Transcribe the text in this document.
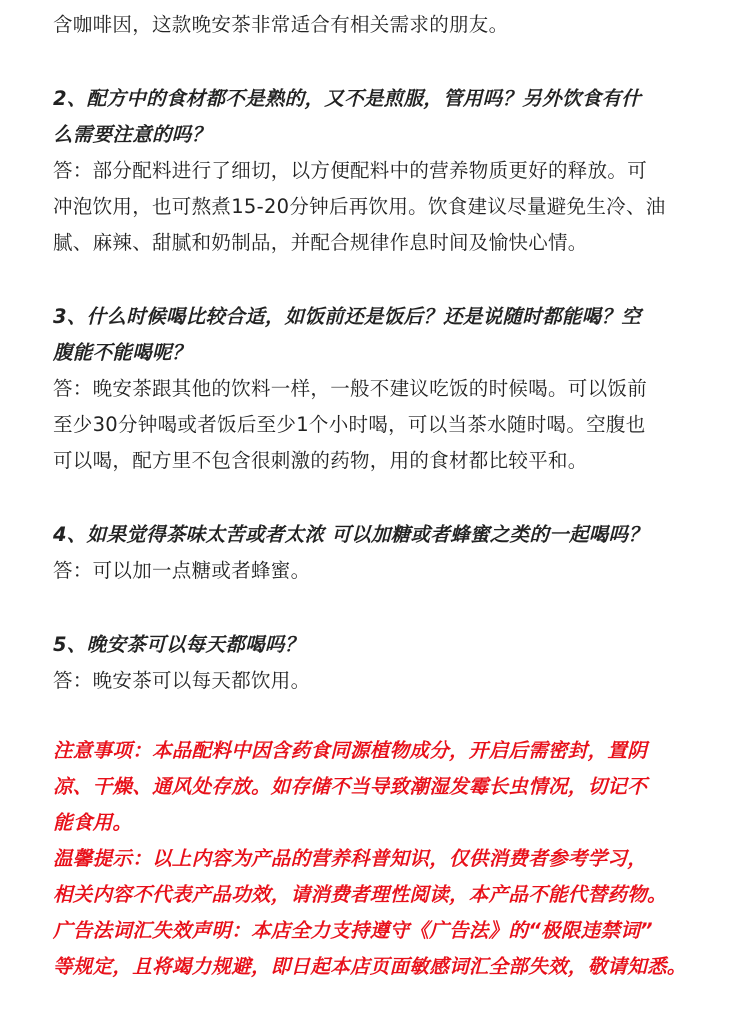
含咖啡因，这款晚安茶非常适合有相关需求的朋友。
2、配方中的食材都不是熟的，又不是煎服，管用吗？另外饮食有什
么需要注意的吗？
答：部分配料进行了细切，以方便配料中的营养物质更好的释放。可
冲泡饮用，也可熬煮15-20分钟后再饮用。饮食建议尽量避免生冷、油
腻、麻辣、甜腻和奶制品，并配合规律作息时间及愉快心情。
3、什么时候喝比较合适，如饭前还是饭后？还是说随时都能喝？空
腹能不能喝呢？
答：晚安茶跟其他的饮料一样，一般不建议吃饭的时候喝。可以饭前
至少30分钟喝或者饭后至少1个小时喝，可以当茶水随时喝。空腹也
可以喝，配方里不包含很刺激的药物，用的食材都比较平和。
4、如果觉得茶味太苦或者太浓 可以加糖或者蜂蜜之类的一起喝吗？
答：可以加一点糖或者蜂蜜。
5、晚安茶可以每天都喝吗？
答：晚安茶可以每天都饮用。
注意事项：本品配料中因含药食同源植物成分，开启后需密封，置阴
凉、干燥、通风处存放。如存储不当导致潮湿发霉长虫情况，切记不
能食用。
温馨提示：以上内容为产品的营养科普知识，仅供消费者参考学习，
相关内容不代表产品功效，请消费者理性阅读，本产品不能代替药物。
广告法词汇失效声明：本店全力支持遵守《广告法》的“极限违禁词”
等规定，且将竭力规避，即日起本店页面敏感词汇全部失效，敬请知悉。
